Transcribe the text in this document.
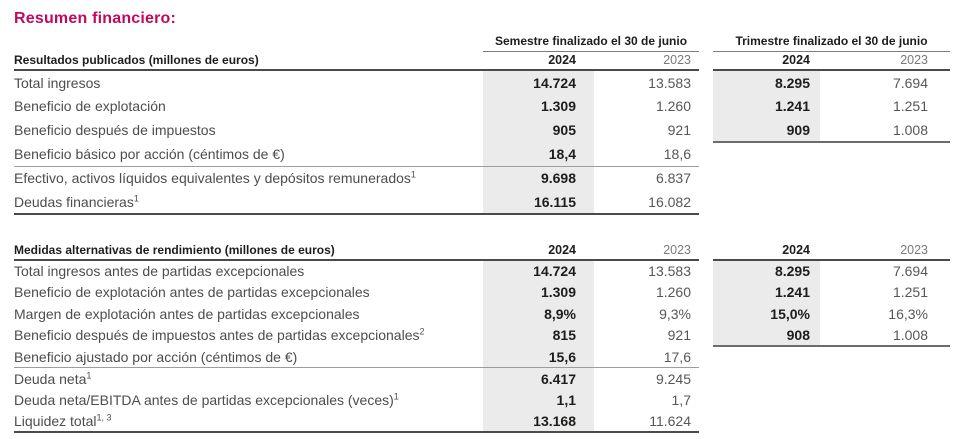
Resumen financiero:
	Semestre finalizado el 30 de junio			Trimestre finalizado el 30 de junio	
Resultados publicados (millones de euros)	2024	2023		2024	2023
Total ingresos	14.724	13.583		8.295	7.694
Beneficio de explotación	1.309	1.260		1.241	1.251
Beneficio después de impuestos	905	921		909	1.008
Beneficio básico por acción (céntimos de €)	18,4	18,6			
Efectivo, activos líquidos equivalentes y depósitos remunerados$^1$	9.698	6.837			
Deudas financieras$^1$	16.115	16.082			
Medidas alternativas de rendimiento (millones de euros)	2024	2023		2024	2023
Total ingresos antes de partidas excepcionales	14.724	13.583		8.295	7.694
Beneficio de explotación antes de partidas excepcionales	1.309	1.260		1.241	1.251
Margen de explotación antes de partidas excepcionales	8,9%	9,3%		15,0%	16,3%
Beneficio después de impuestos antes de partidas excepcionales$^2$	815	921		908	1.008
Beneficio ajustado por acción (céntimos de €)	15,6	17,6			
Deuda neta$^1$	6.417	9.245			
Deuda neta/EBITDA antes de partidas excepcionales (veces)$^1$	1,1	1,7			
Liquidez total$^{1, 3}$	13.168	11.624			
